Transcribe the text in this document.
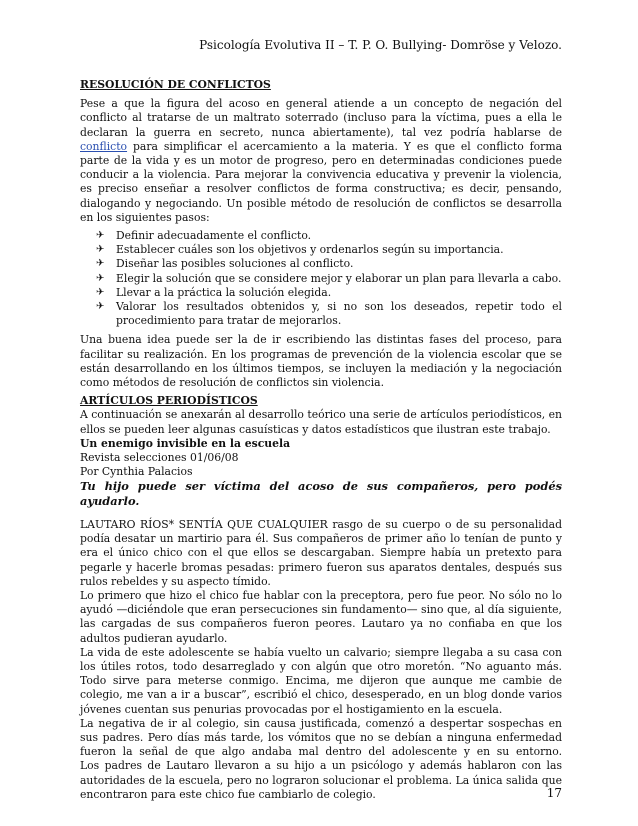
Psicología Evolutiva II – T. P. O. Bullying- Domröse y Velozo.
RESOLUCIÓN DE CONFLICTOS

Pese a que la figura del acoso en general atiende a un concepto de negación del conflicto al tratarse de un maltrato soterrado (incluso para la víctima, pues a ella le declaran la guerra en secreto, nunca abiertamente), tal vez podría hablarse de conflicto para simplificar el acercamiento a la materia. Y es que el conflicto forma parte de la vida y es un motor de progreso, pero en determinadas condiciones puede conducir a la violencia. Para mejorar la convivencia educativa y prevenir la violencia, es preciso enseñar a resolver conflictos de forma constructiva; es decir, pensando, dialogando y negociando. Un posible método de resolución de conflictos se desarrolla en los siguientes pasos:

✈ Definir adecuadamente el conflicto.
✈ Establecer cuáles son los objetivos y ordenarlos según su importancia.
✈ Diseñar las posibles soluciones al conflicto.
✈ Elegir la solución que se considere mejor y elaborar un plan para llevarla a cabo.
✈ Llevar a la práctica la solución elegida.
✈ Valorar los resultados obtenidos y, si no son los deseados, repetir todo el procedimiento para tratar de mejorarlos.

Una buena idea puede ser la de ir escribiendo las distintas fases del proceso, para facilitar su realización. En los programas de prevención de la violencia escolar que se están desarrollando en los últimos tiempos, se incluyen la mediación y la negociación como métodos de resolución de conflictos sin violencia.

ARTÍCULOS PERIODÍSTICOS

A continuación se anexarán al desarrollo teórico una serie de artículos periodísticos, en ellos se pueden leer algunas casuísticas y datos estadísticos que ilustran este trabajo.

Un enemigo invisible en la escuela
Revista selecciones 01/06/08
Por Cynthia Palacios
Tu hijo puede ser víctima del acoso de sus compañeros, pero podés ayudarlo.

LAUTARO RÍOS* SENTÍA QUE CUALQUIER rasgo de su cuerpo o de su personalidad podía desatar un martirio para él. Sus compañeros de primer año lo tenían de punto y era el único chico con el que ellos se descargaban. Siempre había un pretexto para pegarle y hacerle bromas pesadas: primero fueron sus aparatos dentales, después sus rulos rebeldes y su aspecto tímido.

Lo primero que hizo el chico fue hablar con la preceptora, pero fue peor. No sólo no lo ayudó —diciéndole que eran persecuciones sin fundamento— sino que, al día siguiente, las cargadas de sus compañeros fueron peores. Lautaro ya no confiaba en que los adultos pudieran ayudarlo.

La vida de este adolescente se había vuelto un calvario; siempre llegaba a su casa con los útiles rotos, todo desarreglado y con algún que otro moretón. “No aguanto más. Todo sirve para meterse conmigo. Encima, me dijeron que aunque me cambie de colegio, me van a ir a buscar”, escribió el chico, desesperado, en un blog donde varios jóvenes cuentan sus penurias provocadas por el hostigamiento en la escuela.

La negativa de ir al colegio, sin causa justificada, comenzó a despertar sospechas en sus padres. Pero días más tarde, los vómitos que no se debían a ninguna enfermedad fueron la señal de que algo andaba mal dentro del adolescente y en su entorno.

Los padres de Lautaro llevaron a su hijo a un psicólogo y además hablaron con las autoridades de la escuela, pero no lograron solucionar el problema. La única salida que encontraron para este chico fue cambiarlo de colegio.	17
